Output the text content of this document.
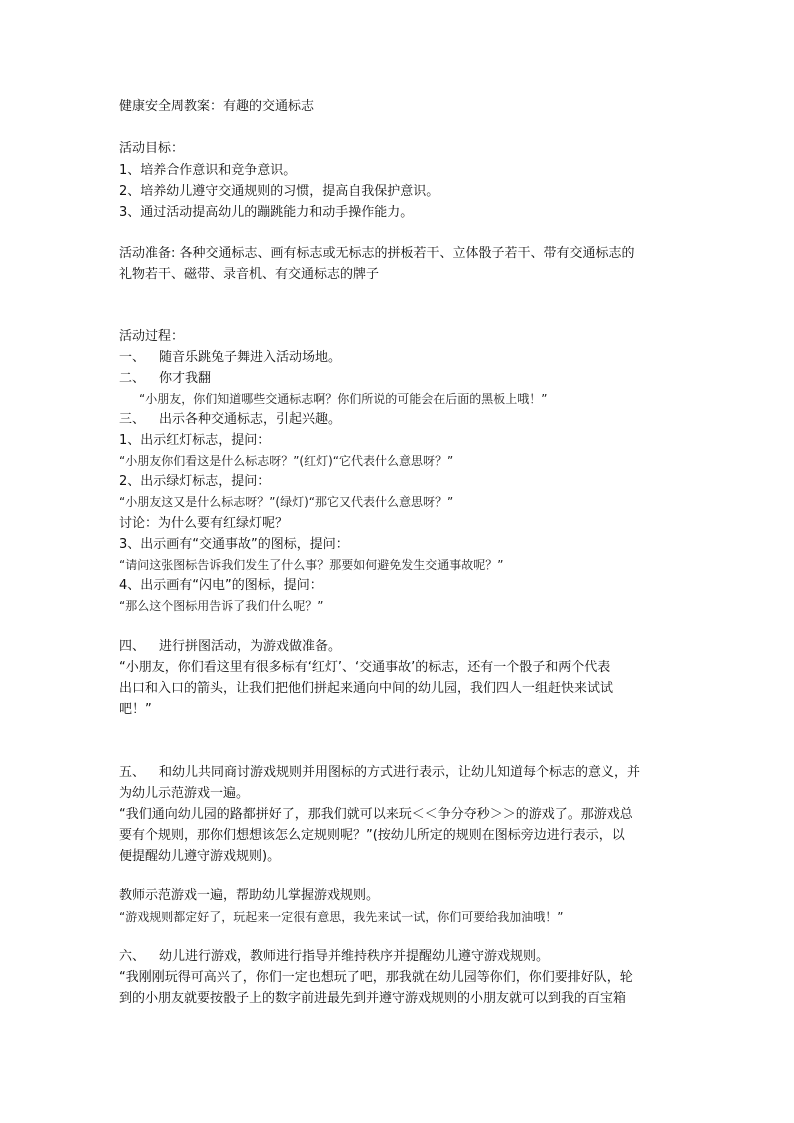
健康安全周教案：有趣的交通标志
活动目标：
1、培养合作意识和竞争意识。
2、培养幼儿遵守交通规则的习惯，提高自我保护意识。
3、通过活动提高幼儿的蹦跳能力和动手操作能力。
活动准备: 各种交通标志、画有标志或无标志的拼板若干、立体骰子若干、带有交通标志的
礼物若干、磁带、录音机、有交通标志的牌子
活动过程：
一、 随音乐跳兔子舞进入活动场地。
二、 你才我翻
“小朋友，你们知道哪些交通标志啊？你们所说的可能会在后面的黑板上哦！”
三、 出示各种交通标志，引起兴趣。
1、出示红灯标志，提问：
“小朋友你们看这是什么标志呀？”(红灯)“它代表什么意思呀？”
2、出示绿灯标志，提问：
“小朋友这又是什么标志呀？”(绿灯)“那它又代表什么意思呀？”
讨论：为什么要有红绿灯呢？
3、出示画有“交通事故”的图标，提问：
“请问这张图标告诉我们发生了什么事？那要如何避免发生交通事故呢？”
4、出示画有“闪电”的图标，提问：
“那么这个图标用告诉了我们什么呢？”
四、 进行拼图活动，为游戏做准备。
“小朋友，你们看这里有很多标有‘红灯’、‘交通事故’的标志，还有一个骰子和两个代表
出口和入口的箭头，让我们把他们拼起来通向中间的幼儿园，我们四人一组赶快来试试
吧！”
五、 和幼儿共同商讨游戏规则并用图标的方式进行表示，让幼儿知道每个标志的意义，并
为幼儿示范游戏一遍。
“我们通向幼儿园的路都拼好了，那我们就可以来玩＜＜争分夺秒＞＞的游戏了。那游戏总
要有个规则，那你们想想该怎么定规则呢？”(按幼儿所定的规则在图标旁边进行表示，以
便提醒幼儿遵守游戏规则)。
教师示范游戏一遍，帮助幼儿掌握游戏规则。
“游戏规则都定好了，玩起来一定很有意思，我先来试一试，你们可要给我加油哦！”
六、 幼儿进行游戏，教师进行指导并维持秩序并提醒幼儿遵守游戏规则。
“我刚刚玩得可高兴了，你们一定也想玩了吧，那我就在幼儿园等你们，你们要排好队，轮
到的小朋友就要按骰子上的数字前进最先到并遵守游戏规则的小朋友就可以到我的百宝箱
